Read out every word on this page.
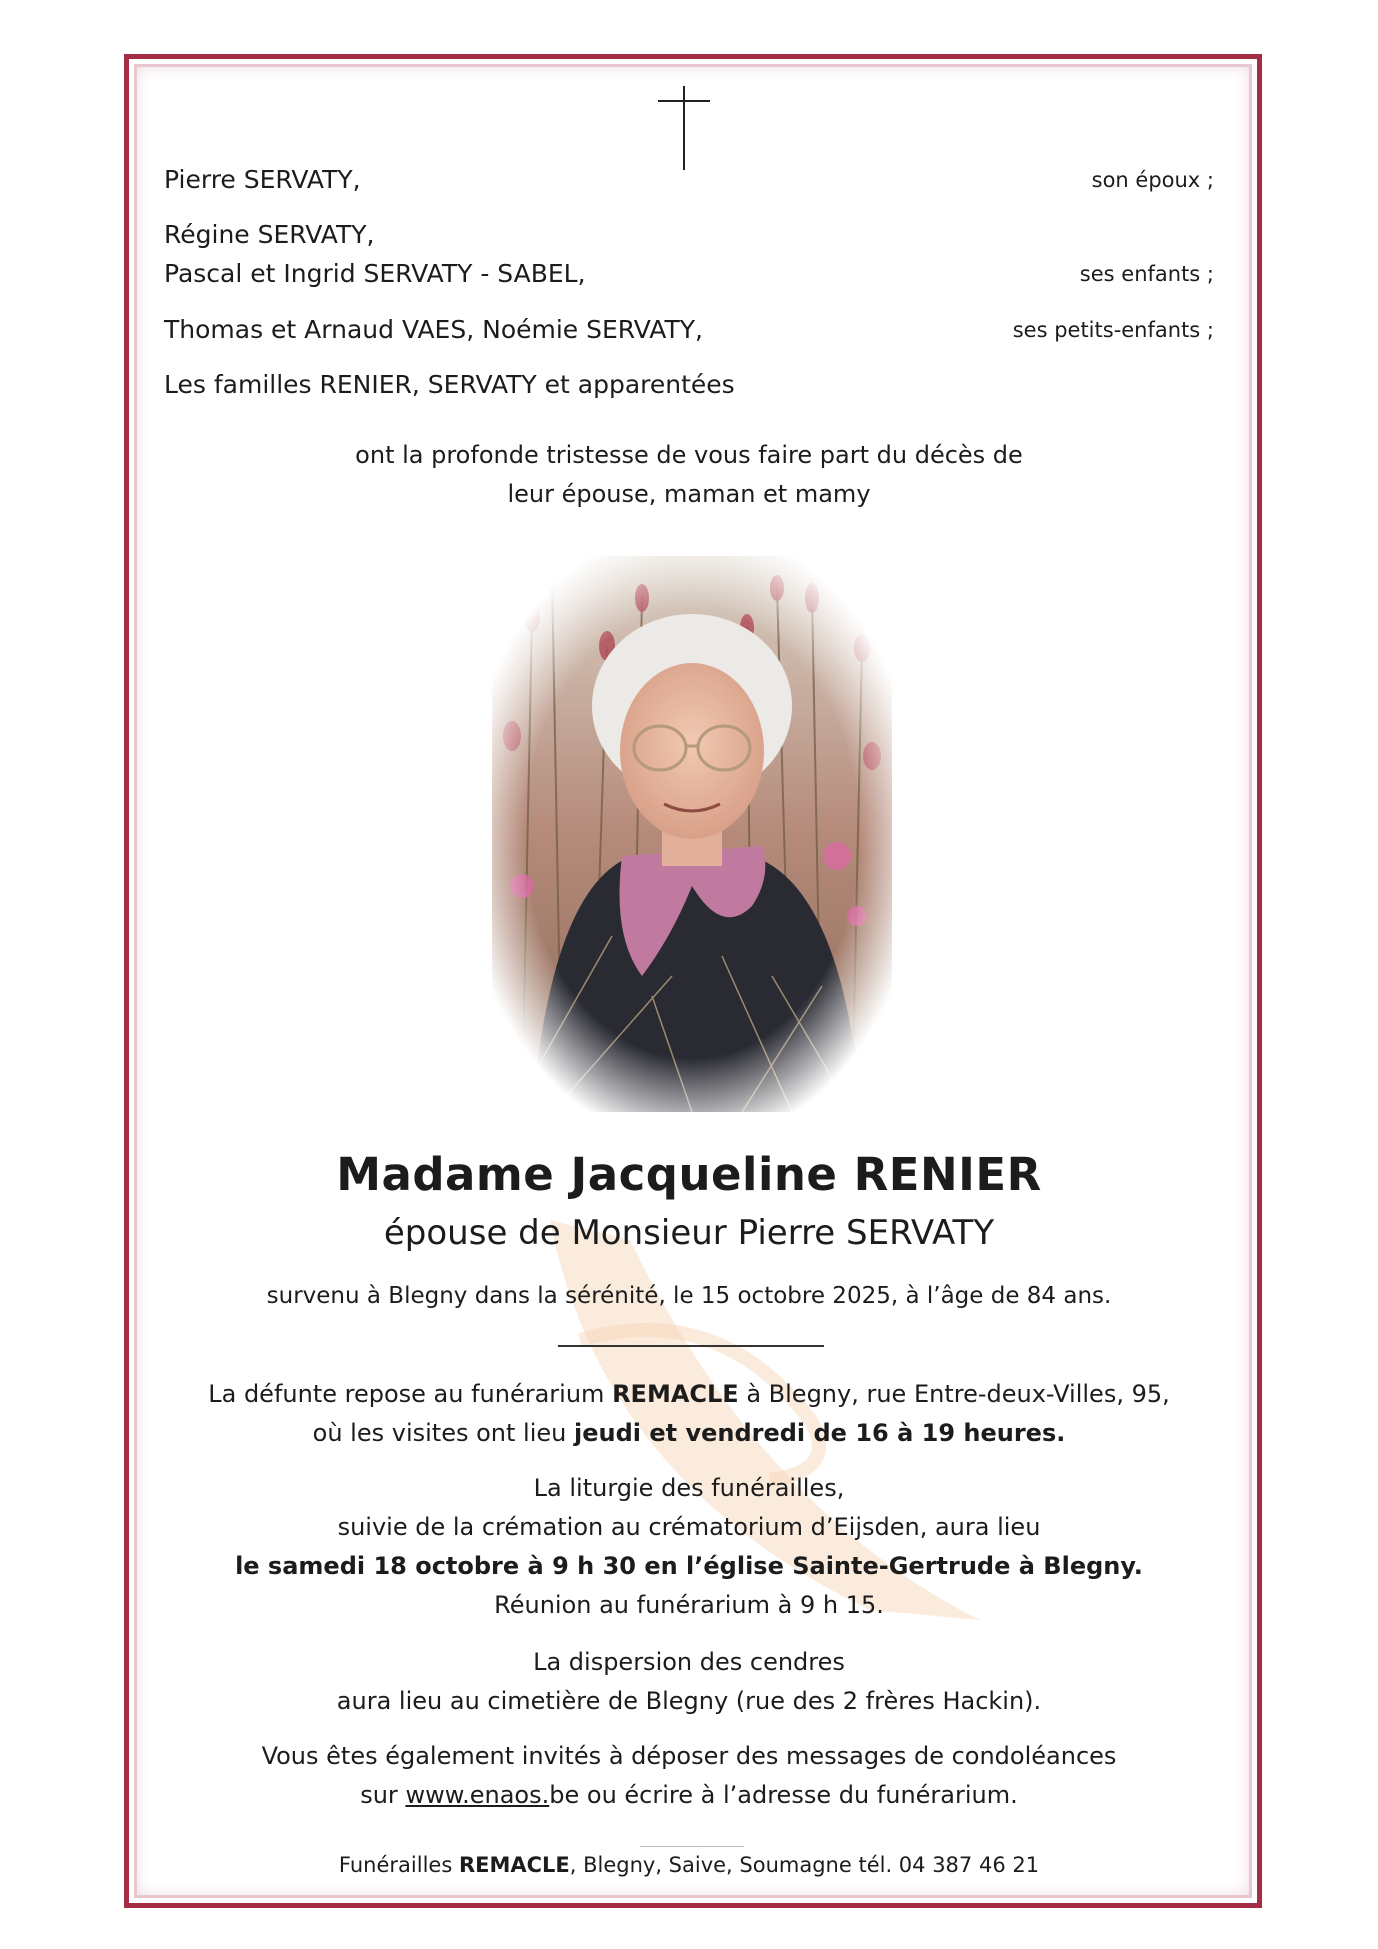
Pierre SERVATY,	son époux ;
Régine SERVATY,
Pascal et Ingrid SERVATY - SABEL,	ses enfants ;
Thomas et Arnaud VAES, Noémie SERVATY,	ses petits-enfants ;
Les familles RENIER, SERVATY et apparentées
ont la profonde tristesse de vous faire part du décès de
leur épouse, maman et mamy
Madame Jacqueline RENIER
épouse de Monsieur Pierre SERVATY
survenu à Blegny dans la sérénité, le 15 octobre 2025, à l’âge de 84 ans.
La défunte repose au funérarium REMACLE à Blegny, rue Entre-deux-Villes, 95,
où les visites ont lieu jeudi et vendredi de 16 à 19 heures.
La liturgie des funérailles,
suivie de la crémation au crématorium d’Eijsden, aura lieu
le samedi 18 octobre à 9 h 30 en l’église Sainte-Gertrude à Blegny.
Réunion au funérarium à 9 h 15.
La dispersion des cendres
aura lieu au cimetière de Blegny (rue des 2 frères Hackin).
Vous êtes également invités à déposer des messages de condoléances
sur www.enaos.be ou écrire à l’adresse du funérarium.
Funérailles REMACLE, Blegny, Saive, Soumagne tél. 04 387 46 21
